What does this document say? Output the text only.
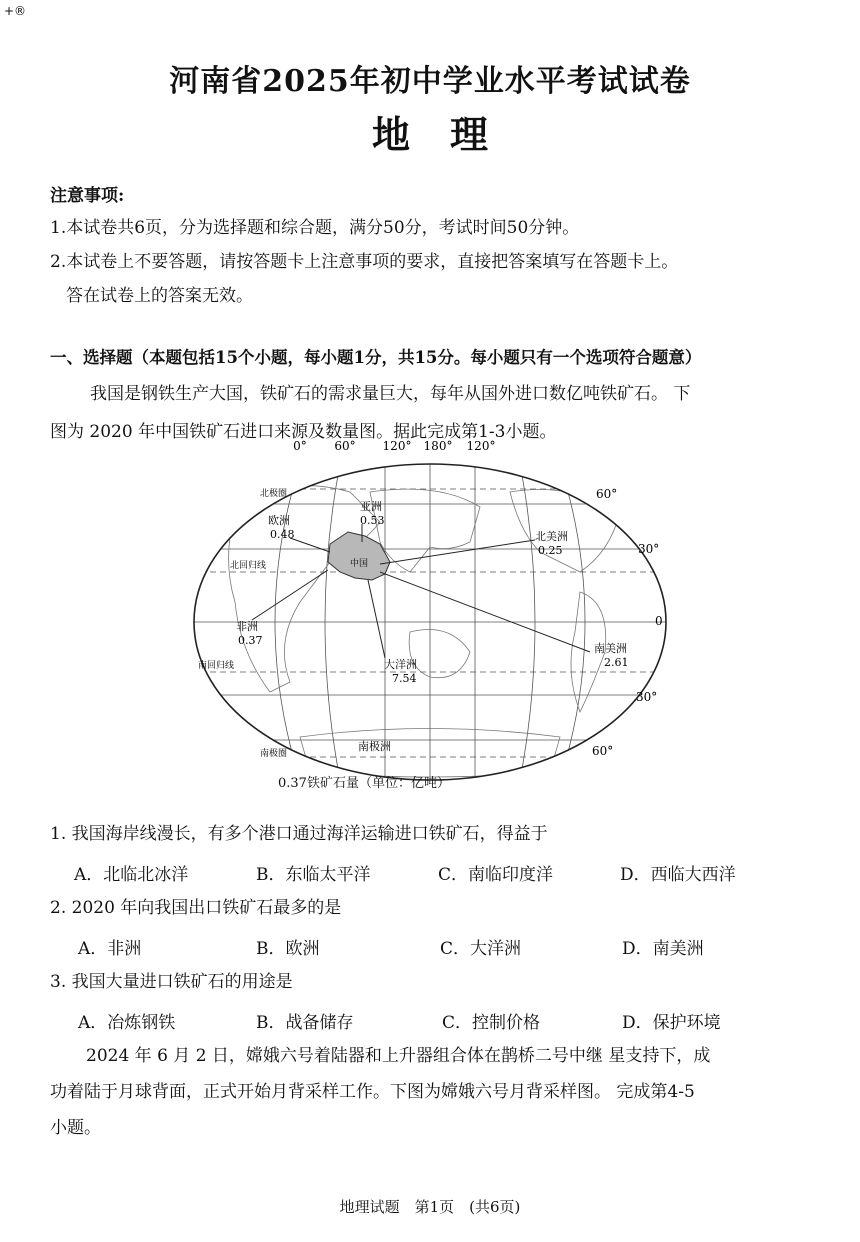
+®
河南省2025年初中学业水平考试试卷
地理
注意事项:
1.本试卷共6页，分为选择题和综合题，满分50分，考试时间50分钟。
2.本试卷上不要答题，请按答题卡上注意事项的要求，直接把答案填写在答题卡上。
答在试卷上的答案无效。
一、选择题（本题包括15个小题，每小题1分，共15分。每小题只有一个选项符合题意）
我国是钢铁生产大国，铁矿石的需求量巨大，每年从国外进口数亿吨铁矿石。 下
图为 2020 年中国铁矿石进口来源及数量图。据此完成第1-3小题。
0° 60° 120° 180° 120°
60°
30°
0
30°
60°
北极圈
北回归线
南回归线
南极圈
南极洲
中国
亚洲
0.53
欧洲
0.48	北美洲
0.25
非洲
0.37
大洋洲
7.54
南美洲
2.61
0.37铁矿石量（单位：亿吨）
1. 我国海岸线漫长，有多个港口通过海洋运输进口铁矿石，得益于
A．北临北冰洋	B．东临太平洋	C．南临印度洋	D．西临大西洋
2. 2020 年向我国出口铁矿石最多的是
A．非洲	B．欧洲	C．大洋洲	D．南美洲
3. 我国大量进口铁矿石的用途是
A．冶炼钢铁	B．战备储存	C．控制价格	D．保护环境
2024 年 6 月 2 日，嫦娥六号着陆器和上升器组合体在鹊桥二号中继 星支持下，成
功着陆于月球背面，正式开始月背采样工作。下图为嫦娥六号月背采样图。 完成第4-5
小题。
地理试题　第1页　(共6页)
